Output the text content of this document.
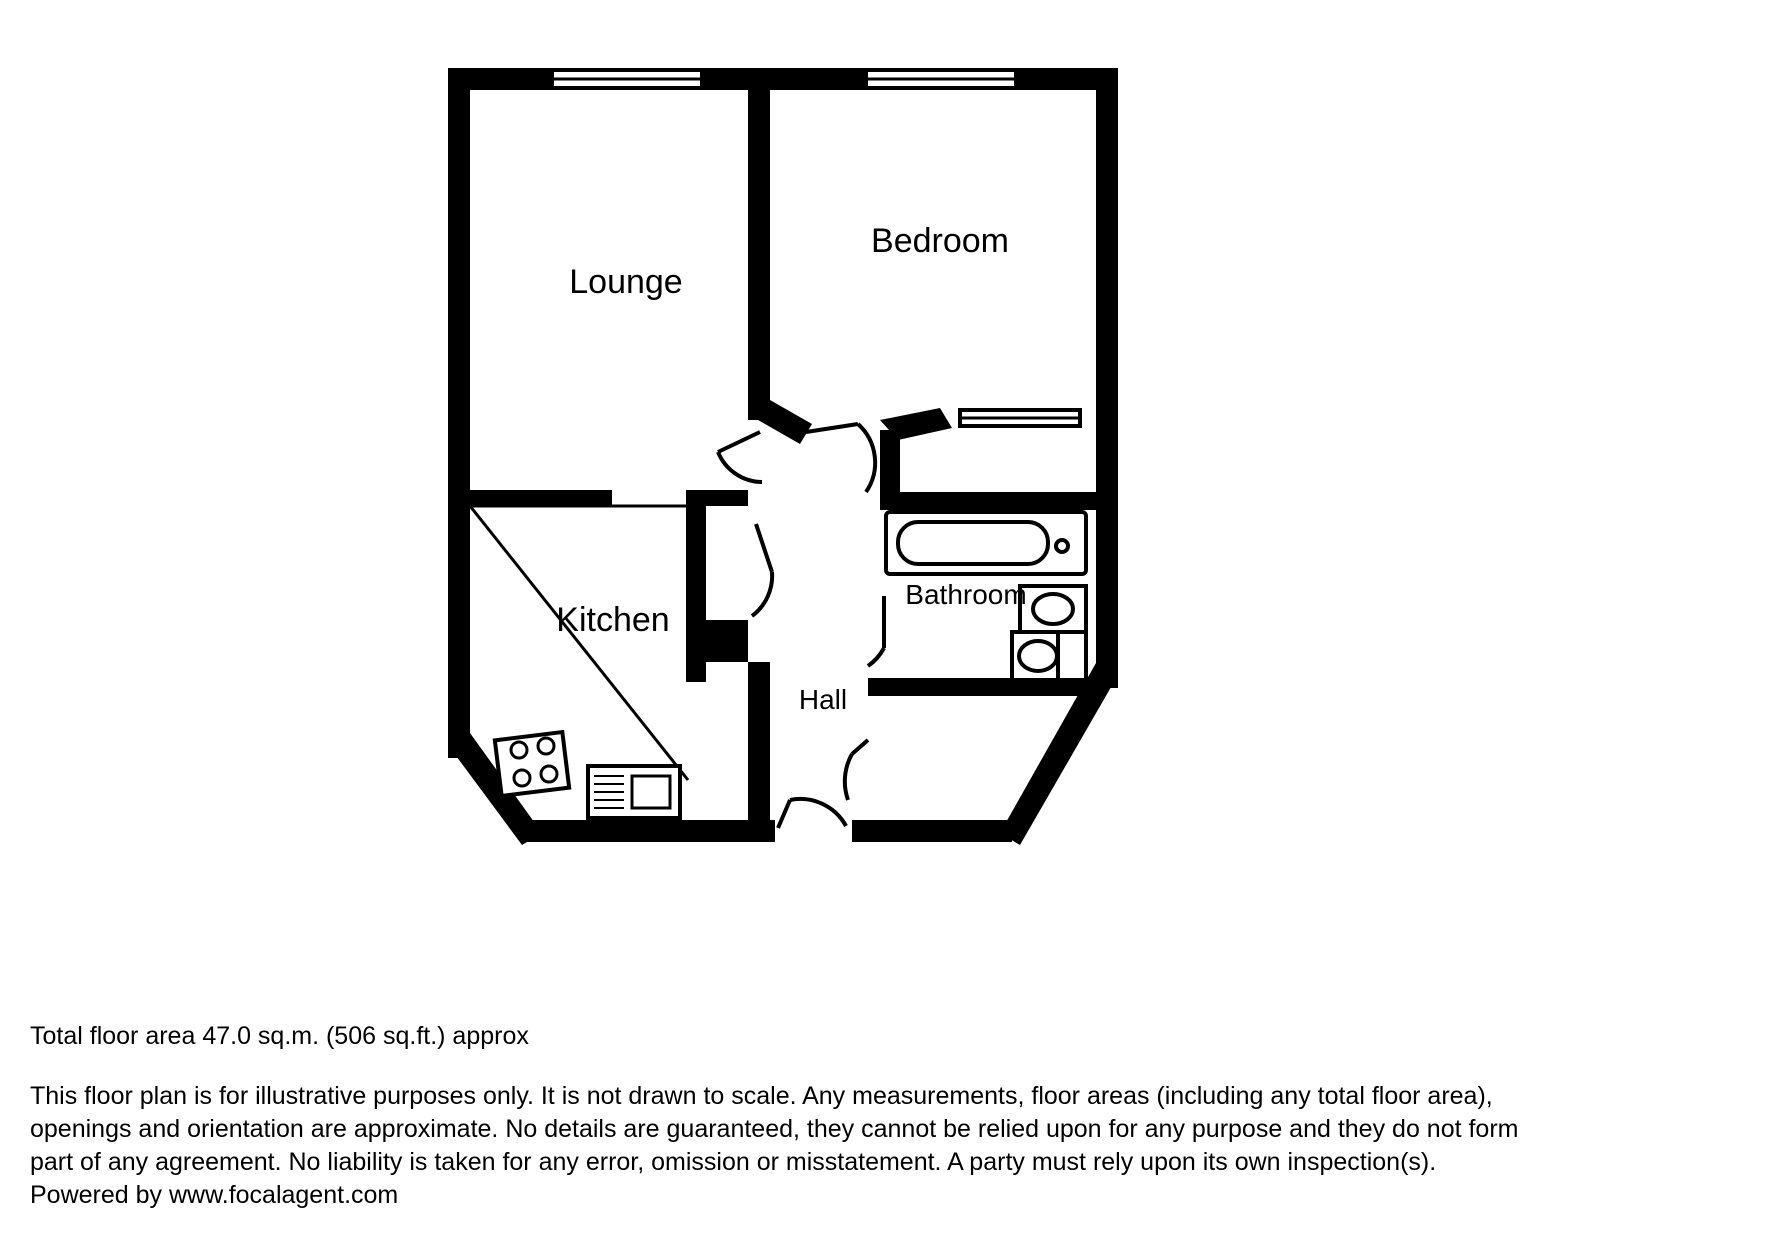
Lounge
Bedroom
Kitchen
Bathroom
Hall
Total floor area 47.0 sq.m. (506 sq.ft.) approx
This floor plan is for illustrative purposes only. It is not drawn to scale. Any measurements, floor areas (including any total floor area),
openings and orientation are approximate. No details are guaranteed, they cannot be relied upon for any purpose and they do not form
part of any agreement. No liability is taken for any error, omission or misstatement. A party must rely upon its own inspection(s).
Powered by www.focalagent.com
